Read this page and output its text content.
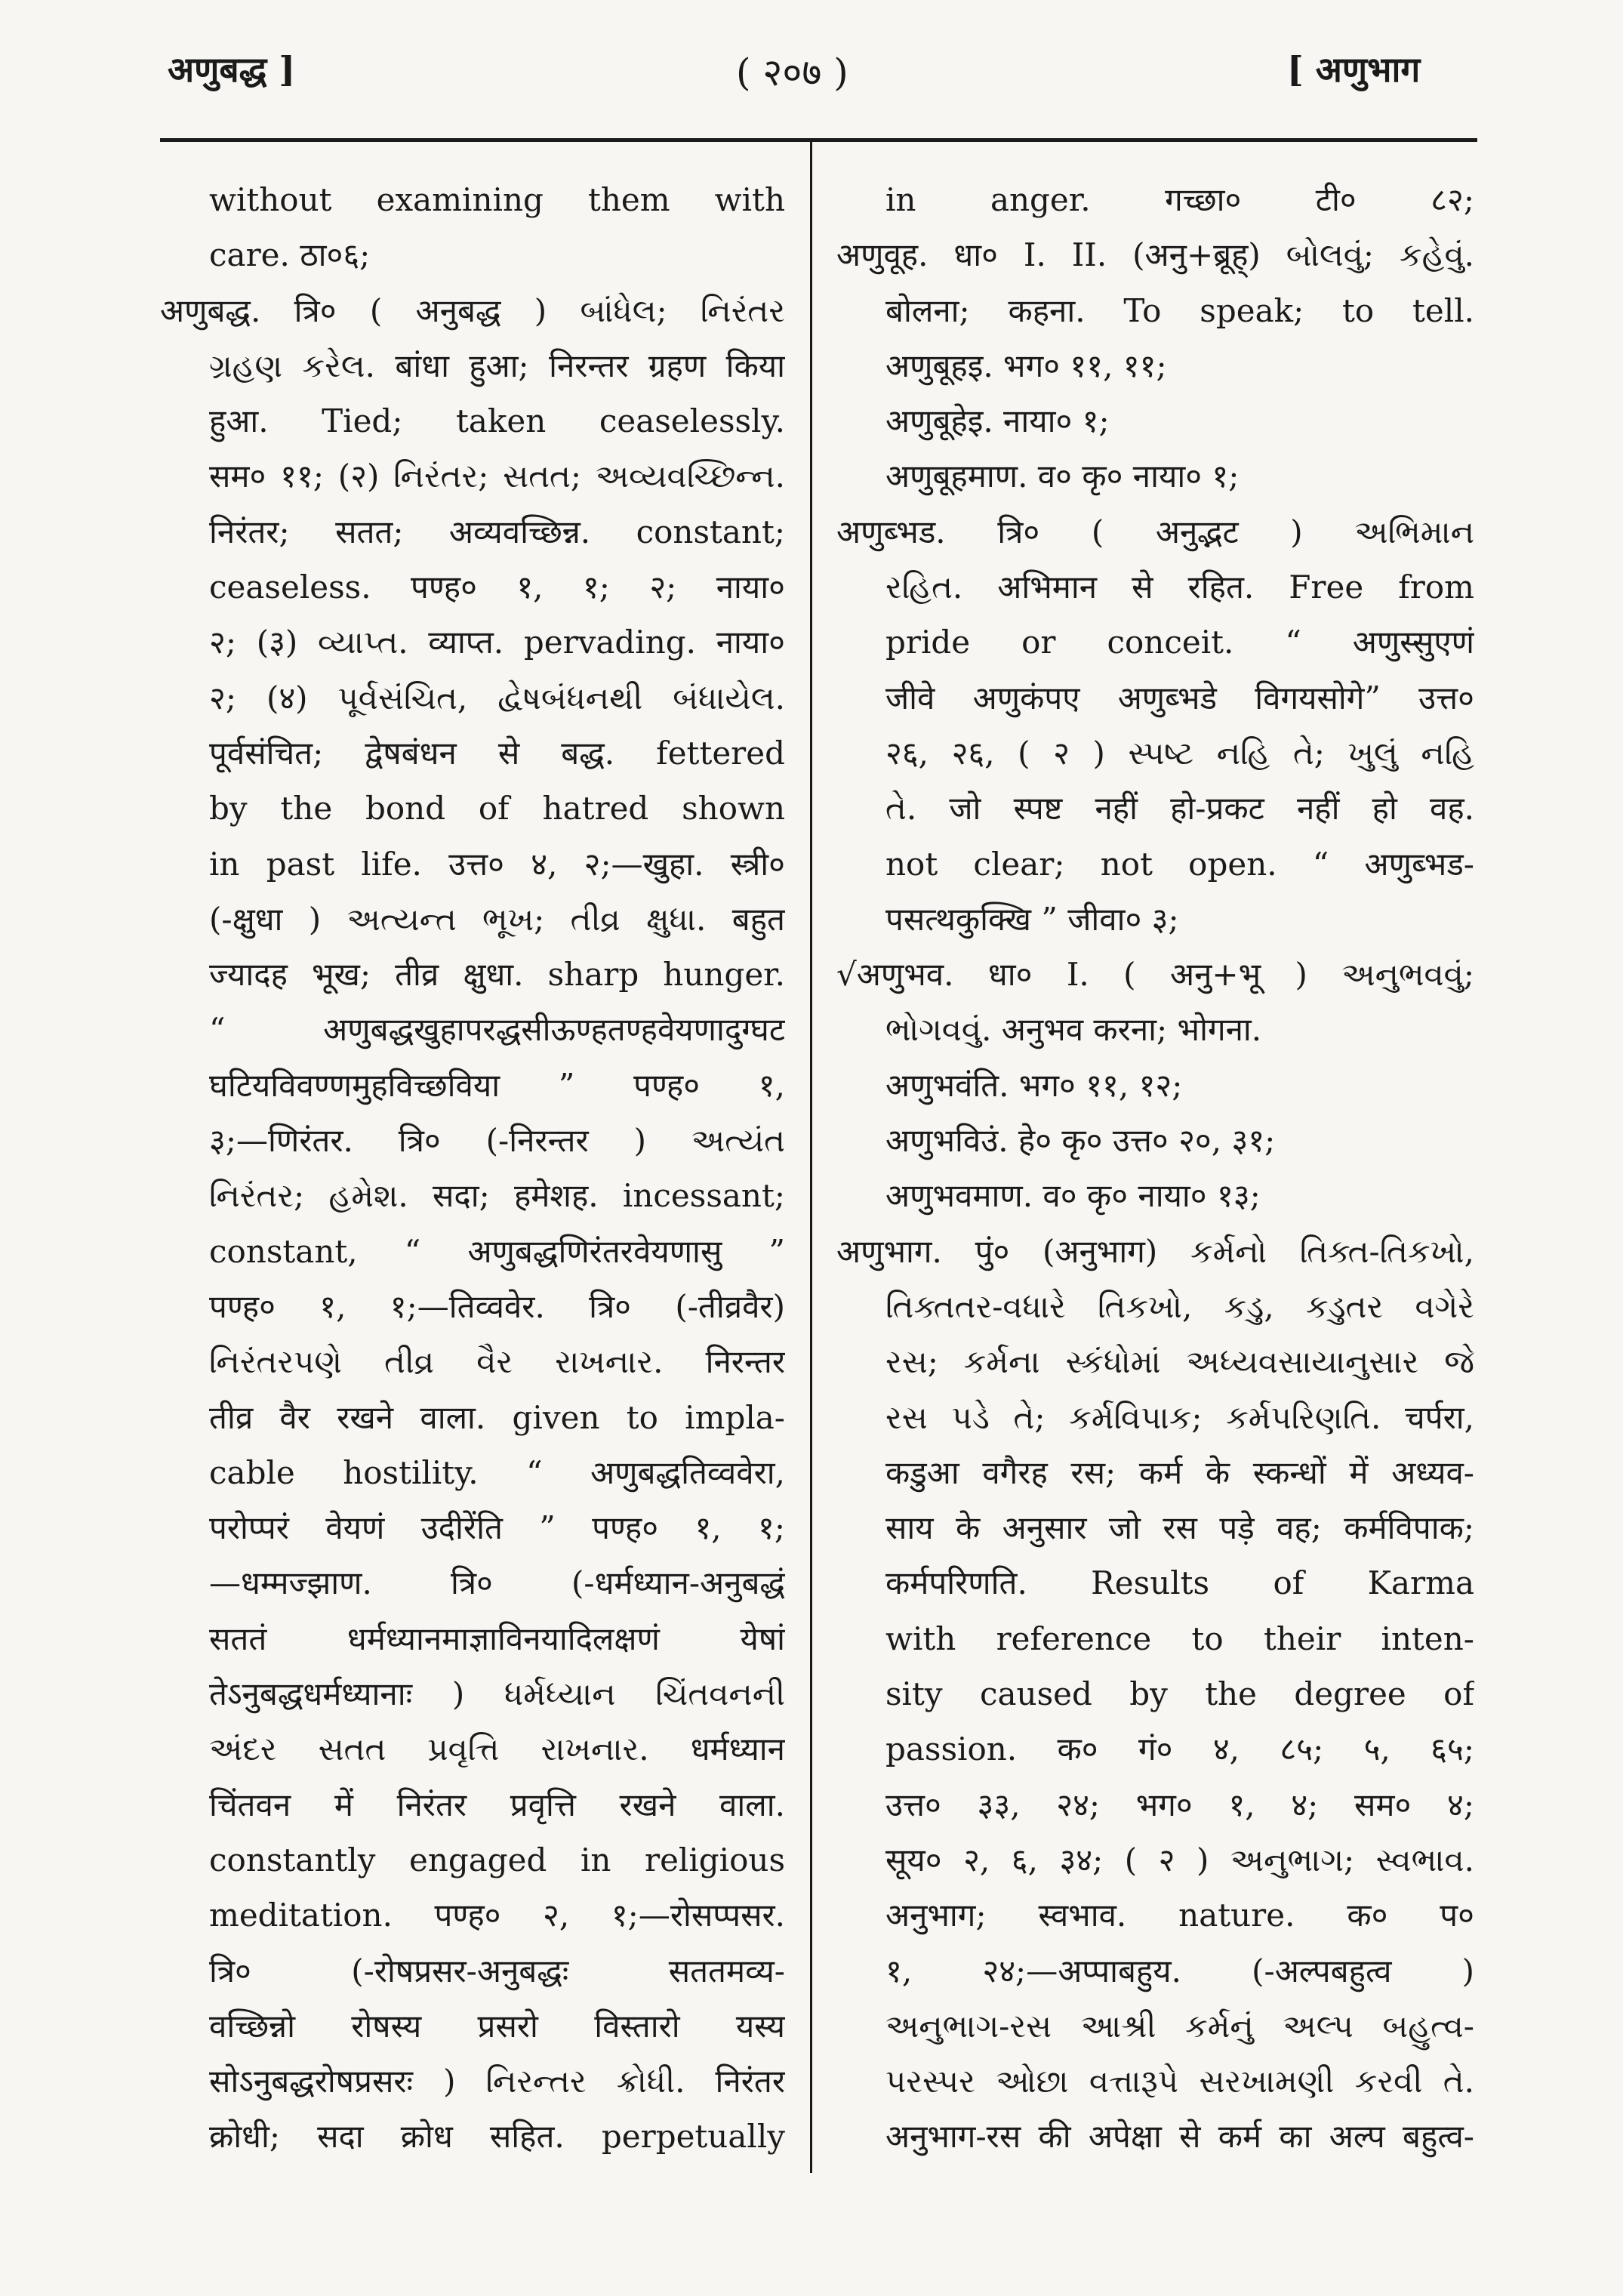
अणुबद्ध ]	( २०७ )	[ अणुभाग
without examining them with
care. ठा०६;
अणुबद्ध. त्रि० ( अनुबद्ध ) બાંધેલ; નિરંતર
ગ્રહણ કરેલ. बांधा हुआ; निरन्तर ग्रहण किया
हुआ. Tied; taken ceaselessly.
सम० ११; (२) નિરંતર; સતત; અવ્યવચ્છિન્ન.
निरंतर; सतत; अव्यवच्छिन्न. constant;
ceaseless. पण्ह० १, १; २; नाया०
२; (३) વ્યાપ્ત. व्याप्त. pervading. नाया०
२; (४) પૂર્વસંચિત, દ્વેષબંધનથી બંધાયેલ.
पूर्वसंचित; द्वेषबंधन से बद्ध. fettered
by the bond of hatred shown
in past life. उत्त० ४, २;—खुहा. स्त्री०
(-क्षुधा ) અત્યન્ત ભૂખ; તીવ્ર ક્ષુધા. बहुत
ज्यादह भूख; तीव्र क्षुधा. sharp hunger.
“ अणुबद्धखुहापरद्धसीऊण्हतण्हवेयणादुग्घट
घटियविवण्णमुहविच्छविया ” पण्ह० १,
३;—णिरंतर. त्रि० (-निरन्तर ) અત્યંત
નિરંતર; હમેશ. सदा; हमेशह. incessant;
constant, “ अणुबद्धणिरंतरवेयणासु ”
पण्ह० १, १;—तिव्ववेर. त्रि० (-तीव्रवैर)
નિરંતરપણે તીવ્ર વૈર રાખનાર. निरन्तर
तीव्र वैर रखने वाला. given to impla-
cable hostility. “ अणुबद्धतिव्ववेरा,
परोप्परं वेयणं उदीरेंति ” पण्ह० १, १;
—धम्मज्झाण. त्रि० (-धर्मध्यान-अनुबद्धं
सततं धर्मध्यानमाज्ञाविनयादिलक्षणं येषां
तेऽनुबद्धधर्मध्यानाः ) ધર્મધ્યાન ચિંતવનની
અંદર સતત પ્રવૃત્તિ રાખનાર. धर्मध्यान
चिंतवन में निरंतर प्रवृत्ति रखने वाला.
constantly engaged in religious
meditation. पण्ह० २, १;—रोसप्पसर.
त्रि० (-रोषप्रसर-अनुबद्धः सततमव्य-
वच्छिन्नो रोषस्य प्रसरो विस्तारो यस्य
सोऽनुबद्धरोषप्रसरः ) નિરન્તર ક્રોધી. निरंतर
क्रोधी; सदा क्रोध सहित. perpetually
in anger. गच्छा० टी० ८२;
अणुवूह. धा० I. II. (अनु+ब्रूह्) બોલવું; કહેવું.
बोलना; कहना. To speak; to tell.
अणुबूहइ. भग० ११, ११;
अणुबूहेइ. नाया० १;
अणुबूहमाण. व० कृ० नाया० १;
अणुब्भड. त्रि० ( अनुद्भट ) અભિમાન
રહિત. अभिमान से रहित. Free from
pride or conceit. “ अणुस्सुएणं
जीवे अणुकंपए अणुब्भडे विगयसोगे” उत्त०
२६, २६, ( २ ) સ્પષ્ટ નહિ તે; ખુલું નહિ
તે. जो स्पष्ट नहीं हो-प्रकट नहीं हो वह.
not clear; not open. “ अणुब्भड-
पसत्थकुक्खि ” जीवा० ३;
√अणुभव. धा० I. ( अनु+भू ) અનુભવવું;
ભોગવવું. अनुभव करना; भोगना.
अणुभवंति. भग० ११, १२;
अणुभविउं. हे० कृ० उत्त० २०, ३१;
अणुभवमाण. व० कृ० नाया० १३;
अणुभाग. पुं० (अनुभाग) કર્મનો તિક્ત-તિકખો,
તિક્તતર-વધારે તિકખો, કડુ, કડુતર વગેરે
રસ; કર્મના સ્કંધોમાં અધ્યવસાયાનુસાર જે
રસ પડે તે; કર્મવિપાક; કર્મપરિણતિ. चर्परा,
कडुआ वगैरह रस; कर्म के स्कन्धों में अध्यव-
साय के अनुसार जो रस पड़े वह; कर्मविपाक;
कर्मपरिणति. Results of Karma
with reference to their inten-
sity caused by the degree of
passion. क० गं० ४, ८५; ५, ६५;
उत्त० ३३, २४; भग० १, ४; सम० ४;
सूय० २, ६, ३४; ( २ ) અનુભાગ; સ્વભાવ.
अनुभाग; स्वभाव. nature. क० प०
१, २४;—अप्पाबहुय. (-अल्पबहुत्व )
અનુભાગ-રસ આશ્રી કર્મનું અલ્પ બહુત્વ-
પરસ્પર ઓછા વત્તારૂપે સરખામણી કરવી તે.
अनुभाग-रस की अपेक्षा से कर्म का अल्प बहुत्व-
